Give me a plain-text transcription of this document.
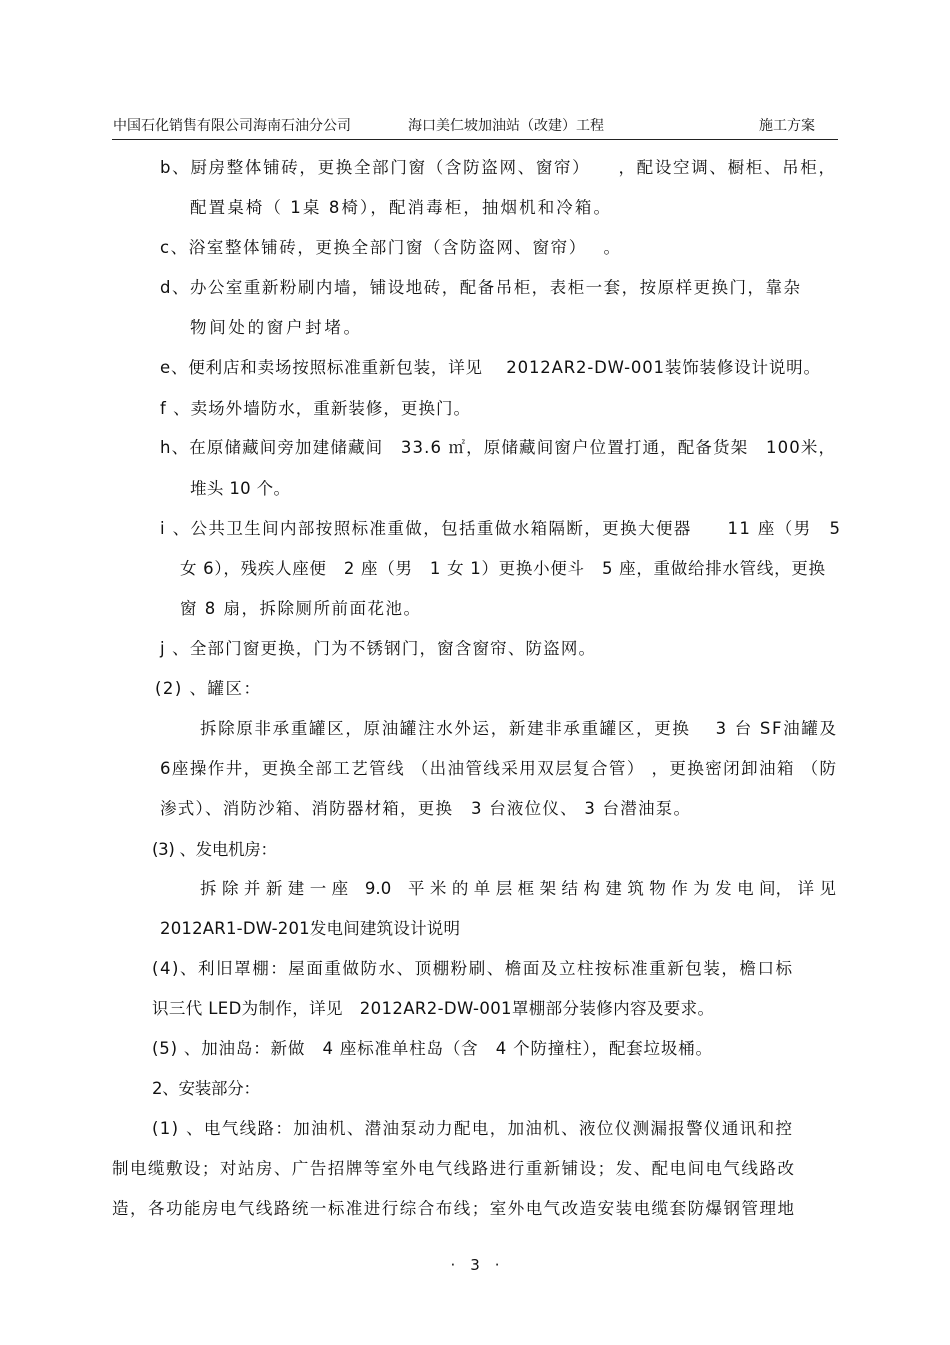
中国石化销售有限公司海南石油分公司	海口美仁坡加油站（改建）工程	施工方案
b、厨房整体铺砖，更换全部门窗（含防盗网、窗帘）　　，配设空调、橱柜、吊柜，
配置桌椅（ 1桌 8椅），配消毒柜，抽烟机和冷箱。
c、浴室整体铺砖，更换全部门窗（含防盗网、窗帘）　 。
d、办公室重新粉刷内墙，铺设地砖，配备吊柜，表柜一套，按原样更换门，靠杂
物间处的窗户封堵。
e、便利店和卖场按照标准重新包装，详见　 2012AR2-DW-001装饰装修设计说明。
f 、卖场外墙防水，重新装修，更换门。
h、在原储藏间旁加建储藏间　33.6 ㎡，原储藏间窗户位置打通，配备货架　100米，
堆头 10 个。
i 、公共卫生间内部按照标准重做，包括重做水箱隔断，更换大便器　　11 座（男　5
女 6），残疾人座便　2 座（男　1 女 1）更换小便斗　5 座，重做给排水管线，更换
窗 8 扇，拆除厕所前面花池。
j 、全部门窗更换，门为不锈钢门，窗含窗帘、防盗网。
(2) 、罐区：
拆除原非承重罐区，原油罐注水外运，新建非承重罐区，更换　 3 台 SF油罐及
6座操作井，更换全部工艺管线 （出油管线采用双层复合管） ，更换密闭卸油箱 （防
渗式）、消防沙箱、消防器材箱，更换　3 台液位仪、 3 台潜油泵。
(3) 、发电机房：
拆 除 并 新 建 一 座　9.0　平 米 的 单 层 框 架 结 构 建 筑 物 作 为 发 电 间， 详 见
2012AR1-DW-201发电间建筑设计说明
(4)、利旧罩棚：屋面重做防水、顶棚粉刷、檐面及立柱按标准重新包装，檐口标
识三代 LED为制作，详见　2012AR2-DW-001罩棚部分装修内容及要求。
(5) 、加油岛：新做　4 座标准单柱岛（含　4 个防撞柱），配套垃圾桶。
2、安装部分：
(1) 、电气线路：加油机、潜油泵动力配电，加油机、液位仪测漏报警仪通讯和控
制电缆敷设；对站房、广告招牌等室外电气线路进行重新铺设；发、配电间电气线路改
造，各功能房电气线路统一标准进行综合布线；室外电气改造安装电缆套防爆钢管理地
·　3　·
